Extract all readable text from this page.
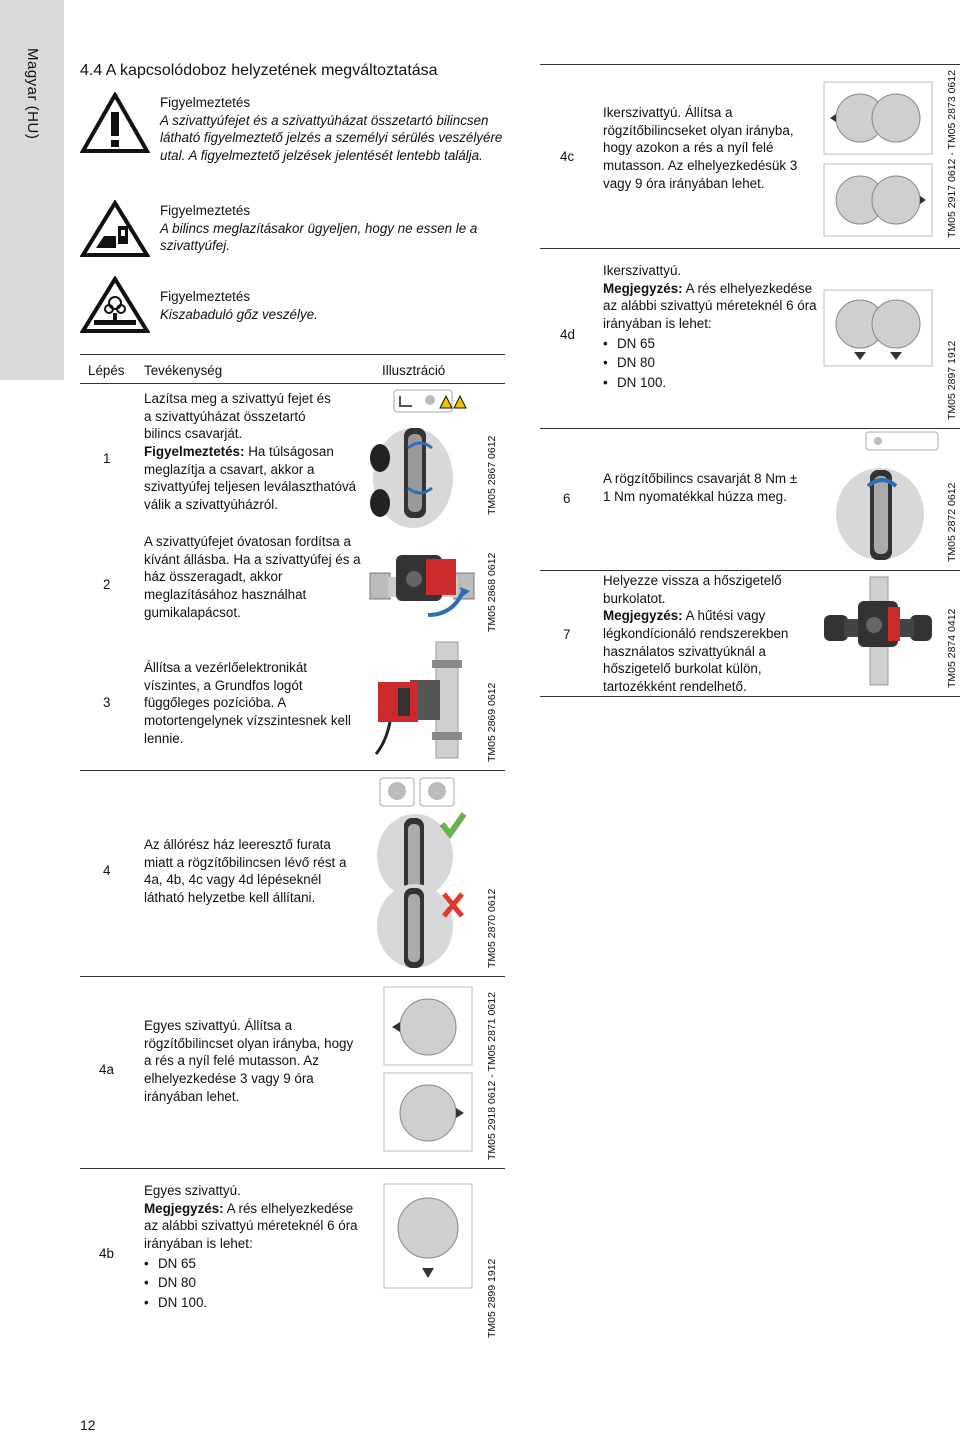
Magyar (HU) 4.4 A kapcsolódoboz helyzetének megváltoztatása
Figyelmeztetés
A szivattyúfejet és a szivattyúházat összetartó bilincsen látható figyelmeztető jelzés a személyi sérülés veszélyére utal. A figyelmeztető jelzések jelentését lentebb találja.
Figyelmeztetés
A bilincs meglazításakor ügyeljen, hogy ne essen le a szivattyúfej.
Figyelmeztetés
Kiszabaduló gőz veszélye.
Lépés Tevékenység	Illusztráció
1
Lazítsa meg a szivattyú fejet és
a szivattyúházat összetartó
bilincs csavarját.
Figyelmeztetés: Ha túlságosan meglazítja a csavart, akkor a szivattyúfej teljesen leválaszthatóvá válik a szivattyúházról.	TM05 2867 0612
2
A szivattyúfejet óvatosan fordítsa a kívánt állásba. Ha a szivattyúfej és a ház összeragadt, akkor meglazításához használhat gumikalapácsot.	TM05 2868 0612
3
Állítsa a vezérlőelektronikát víszintes, a Grundfos logót függőleges pozícióba. A motortengelynek vízszintesnek kell lennie.	TM05 2869 0612
4
Az állórész ház leeresztő furata miatt a rögzítőbilincsen lévő rést a 4a, 4b, 4c vagy 4d lépéseknél látható helyzetbe kell állítani.	TM05 2870 0612
4a
Egyes szivattyú. Állítsa a rögzítőbilincset olyan irányba, hogy a rés a nyíl felé mutasson. Az elhelyezkedése 3 vagy 9 óra irányában lehet.	TM05 2918 0612 - TM05 2871 0612
4b
Egyes szivattyú.
Megjegyzés: A rés elhelyezkedése az alábbi szivattyú méreteknél 6 óra irányában is lehet:
• DN 65
• DN 80
• DN 100.	TM05 2899 1912
4c
Ikerszivattyú. Állítsa a rögzítőbilincseket olyan irányba, hogy azokon a rés a nyíl felé mutasson. Az elhelyezkedésük 3 vagy 9 óra irányában lehet.	TM05 2917 0612 - TM05 2873 0612
4d
Ikerszivattyú.
Megjegyzés: A rés elhelyezkedése az alábbi szivattyú méreteknél 6 óra irányában is lehet:
• DN 65
• DN 80
• DN 100.	TM05 2897 1912
6
A rögzítőbilincs csavarját 8 Nm ± 1 Nm nyomatékkal húzza meg.	TM05 2872 0612
7
Helyezze vissza a hőszigetelő burkolatot.
Megjegyzés: A hűtési vagy légkondícionáló rendszerekben használatos szivattyúknál a hőszigetelő burkolat külön, tartozékként rendelhető.	TM05 2874 0412
12
